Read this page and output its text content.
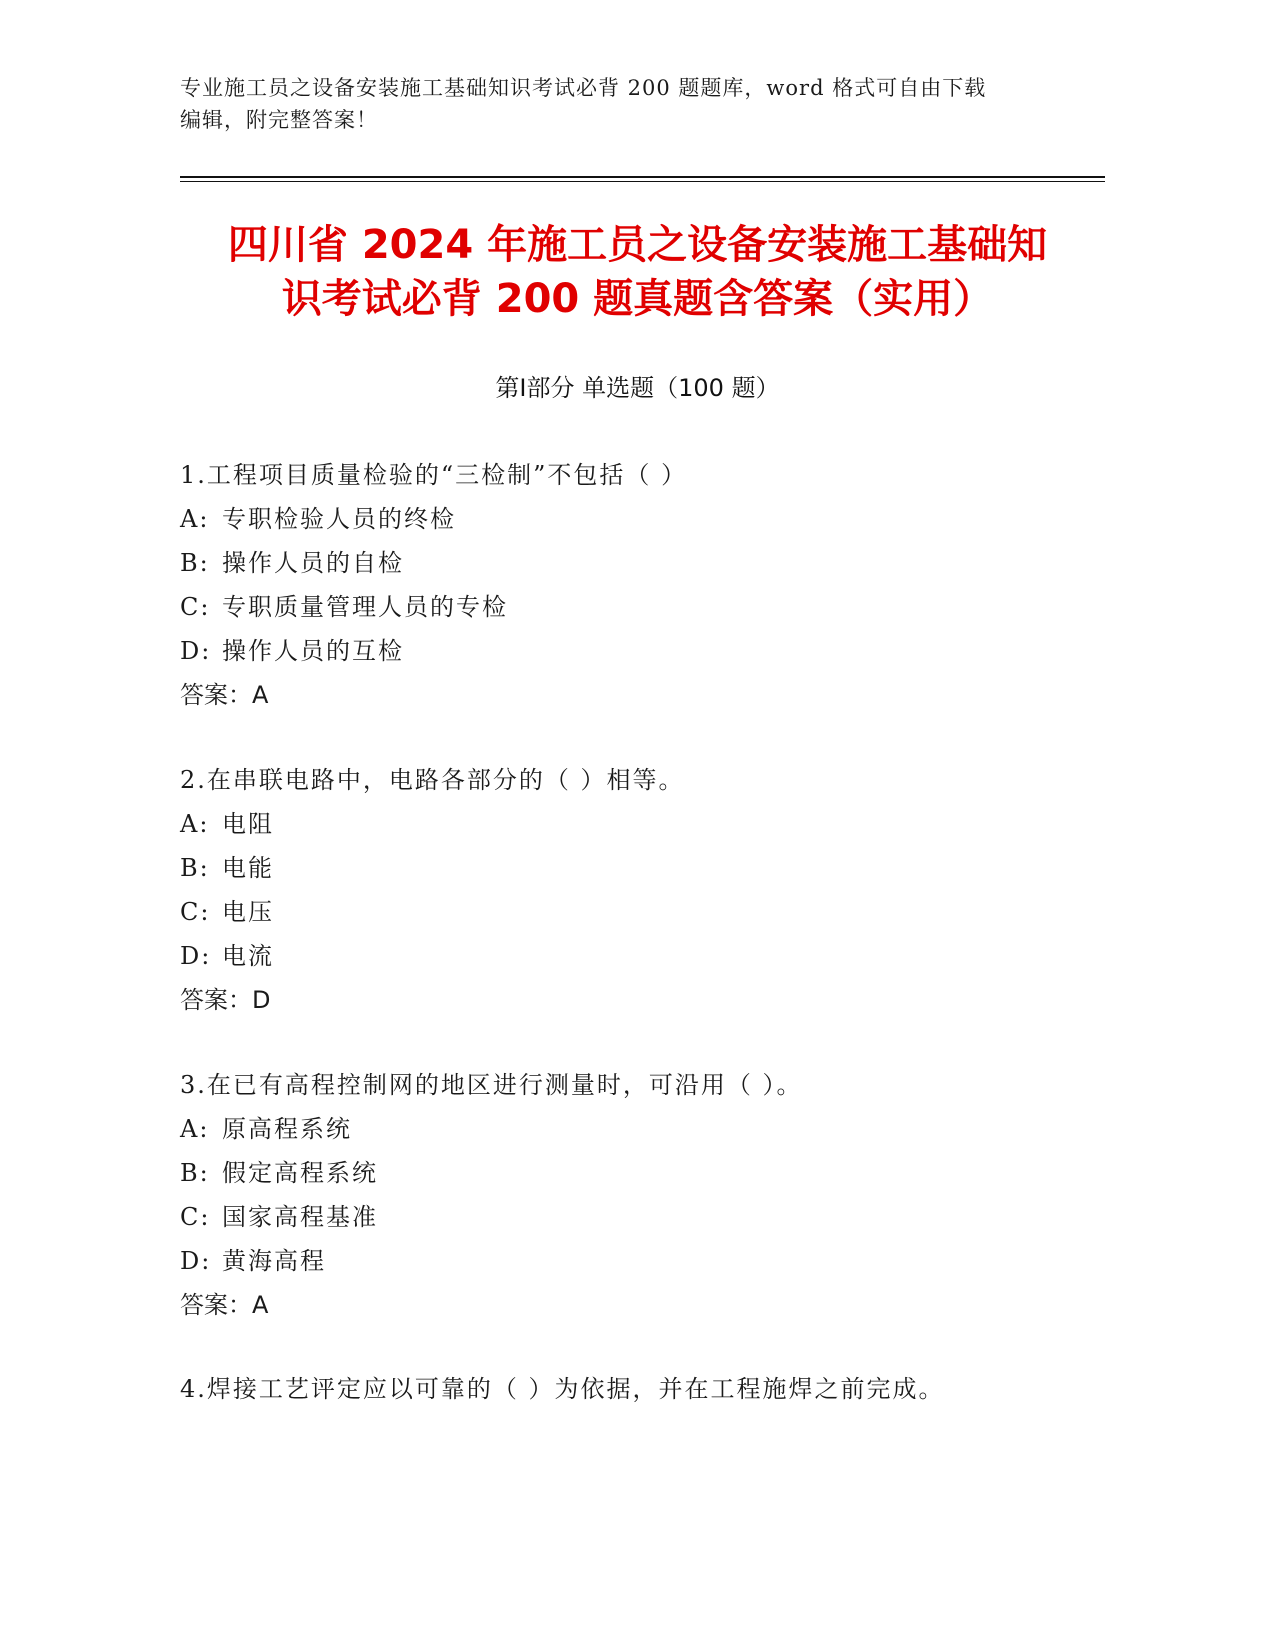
专业施工员之设备安装施工基础知识考试必背 200 题题库，word 格式可自由下载
编辑，附完整答案！
四川省 2024 年施工员之设备安装施工基础知
识考试必背 200 题真题含答案（实用）
第Ⅰ部分 单选题（100 题）
1.工程项目质量检验的“三检制”不包括（ ）
A: 专职检验人员的终检
B: 操作人员的自检
C: 专职质量管理人员的专检
D: 操作人员的互检
答案：A
2.在串联电路中，电路各部分的（ ）相等。
A: 电阻
B: 电能
C: 电压
D: 电流
答案：D
3.在已有高程控制网的地区进行测量时，可沿用（ ）。
A: 原高程系统
B: 假定高程系统
C: 国家高程基准
D: 黄海高程
答案：A
4.焊接工艺评定应以可靠的（ ）为依据，并在工程施焊之前完成。
